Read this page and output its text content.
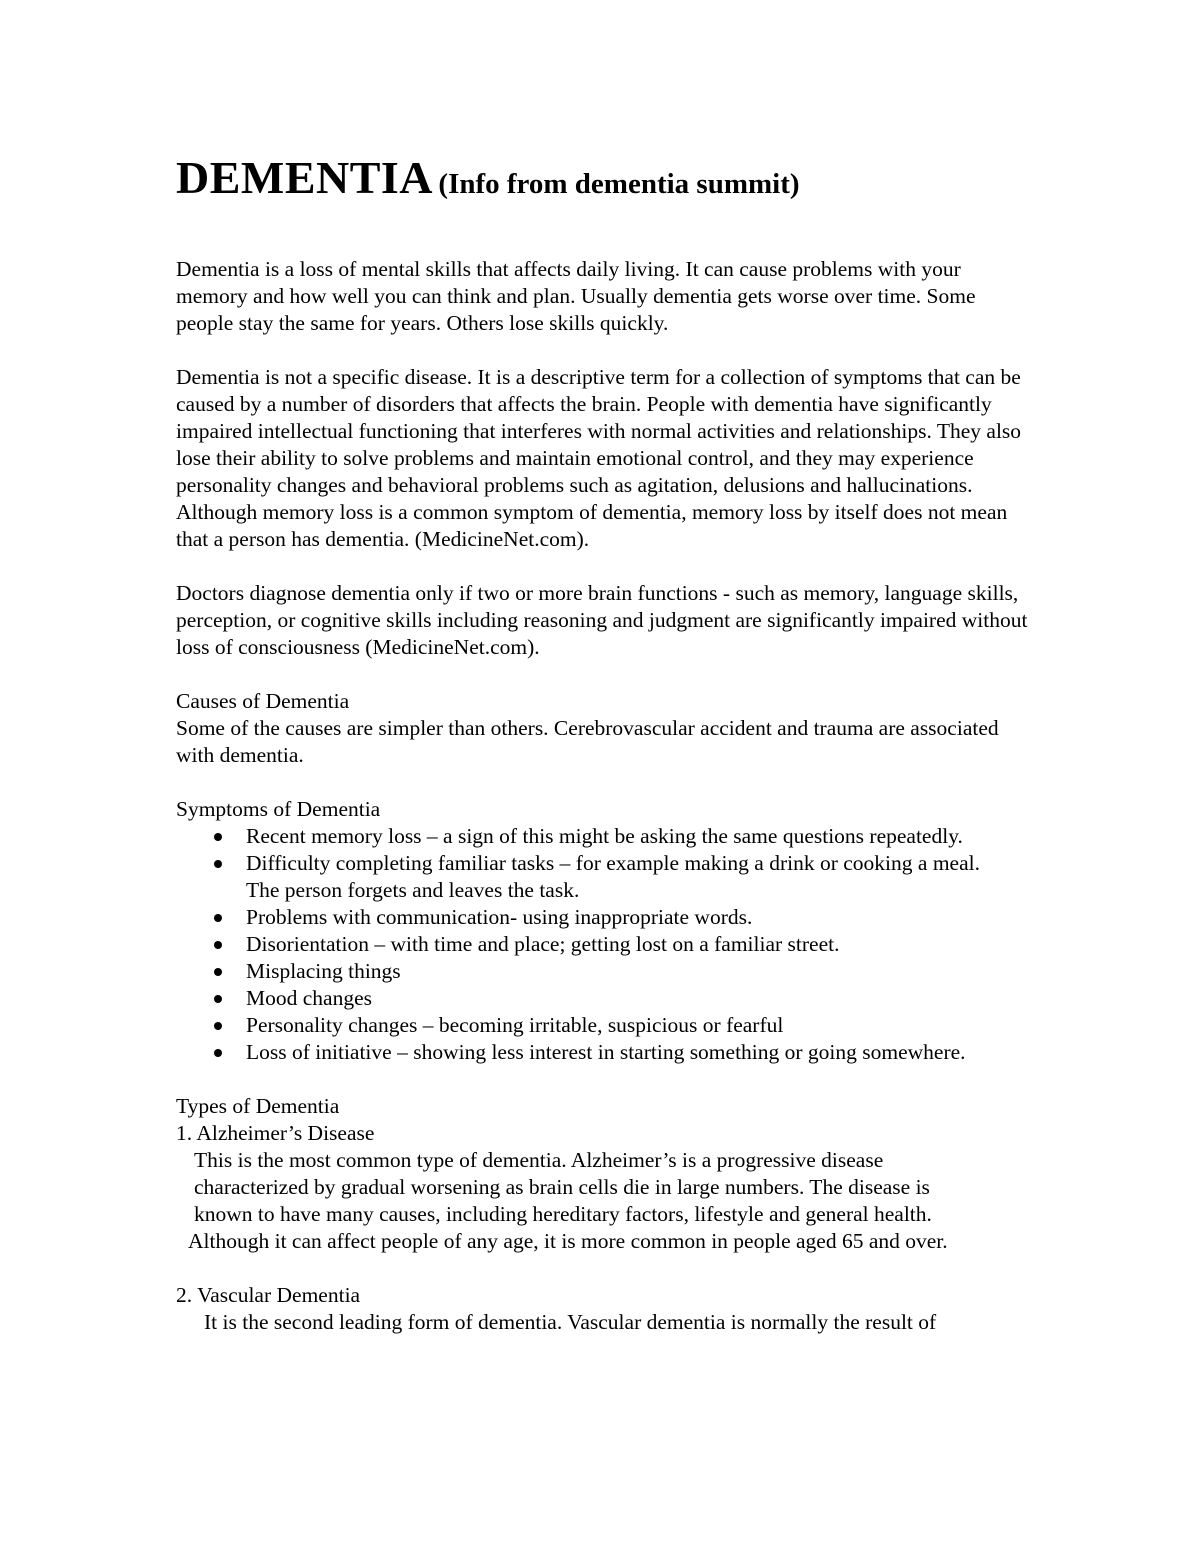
DEMENTIA (Info from dementia summit)

Dementia is a loss of mental skills that affects daily living. It can cause problems with your memory and how well you can think and plan. Usually dementia gets worse over time. Some people stay the same for years. Others lose skills quickly.

Dementia is not a specific disease. It is a descriptive term for a collection of symptoms that can be caused by a number of disorders that affects the brain. People with dementia have significantly impaired intellectual functioning that interferes with normal activities and relationships. They also lose their ability to solve problems and maintain emotional control, and they may experience personality changes and behavioral problems such as agitation, delusions and hallucinations. Although memory loss is a common symptom of dementia, memory loss by itself does not mean that a person has dementia. (MedicineNet.com).

Doctors diagnose dementia only if two or more brain functions - such as memory, language skills, perception, or cognitive skills including reasoning and judgment are significantly impaired without loss of consciousness (MedicineNet.com).

Causes of Dementia

Some of the causes are simpler than others. Cerebrovascular accident and trauma are associated with dementia.

Symptoms of Dementia

Recent memory loss – a sign of this might be asking the same questions repeatedly.
Difficulty completing familiar tasks – for example making a drink or cooking a meal. The person forgets and leaves the task.
Problems with communication- using inappropriate words.
Disorientation – with time and place; getting lost on a familiar street.
Misplacing things
Mood changes
Personality changes – becoming irritable, suspicious or fearful
Loss of initiative – showing less interest in starting something or going somewhere.

Types of Dementia

1. Alzheimer’s Disease

This is the most common type of dementia. Alzheimer’s is a progressive disease

characterized by gradual worsening as brain cells die in large numbers. The disease is

known to have many causes, including hereditary factors, lifestyle and general health.

Although it can affect people of any age, it is more common in people aged 65 and over.

2. Vascular Dementia

It is the second leading form of dementia. Vascular dementia is normally the result of
